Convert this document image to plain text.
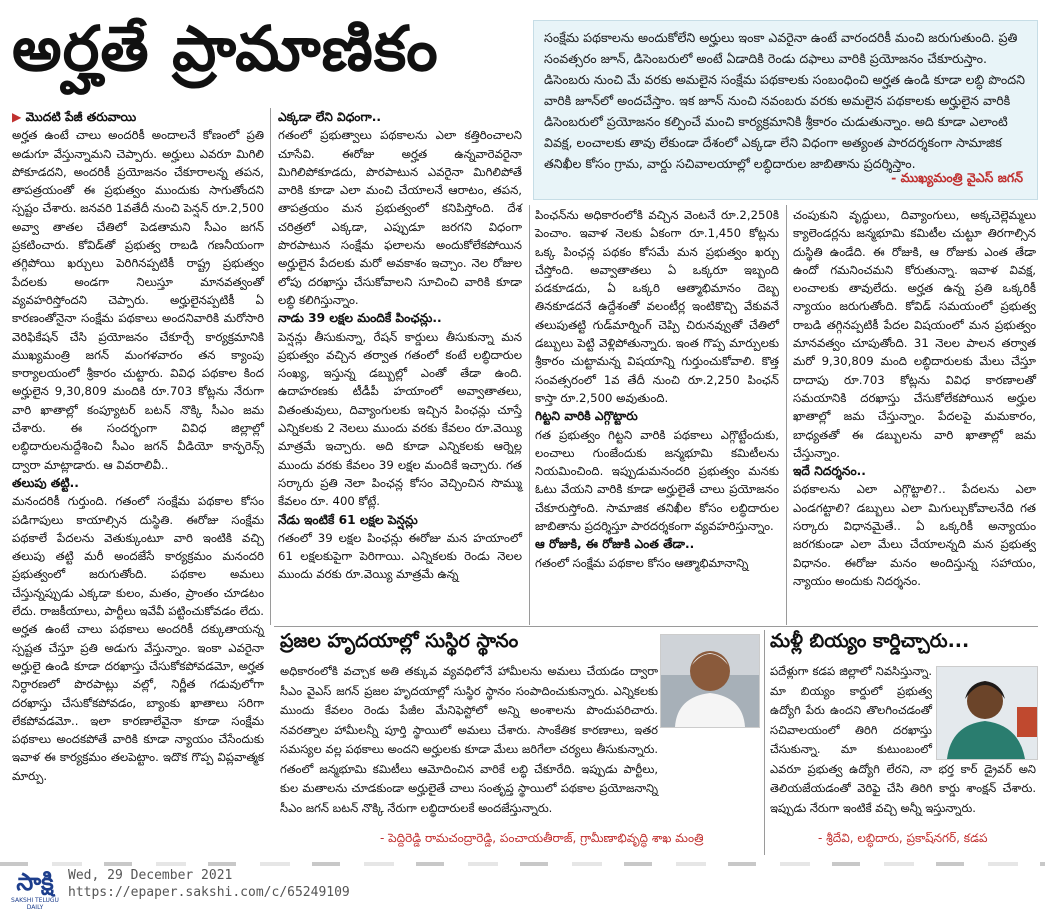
అర్హతే ప్రామాణికం	సంక్షేమ పథకాలను అందుకోలేని అర్హులు ఇంకా ఎవరైనా ఉంటే వారందరికీ మంచి జరుగుతుంది. ప్రతి సంవత్సరం జూన్, డిసెంబరులో అంటే ఏడాదికి రెండు దఫాలు వారికి ప్రయోజనం చేకూరుస్తాం. డిసెంబరు నుంచి మే వరకు అమలైన సంక్షేమ పథకాలకు సంబంధించి అర్హత ఉండి కూడా లబ్ధి పొందని వారికి జూన్‌లో అందచేస్తాం. ఇక జూన్ నుంచి నవంబరు వరకు అమలైన పథకాలకు అర్హులైన వారికి డిసెంబరులో ప్రయోజనం కల్పించే మంచి కార్యక్రమానికి శ్రీకారం చుడుతున్నాం. అది కూడా ఎలాంటి వివక్ష, లంచాలకు తావు లేకుండా దేశంలో ఎక్కడా లేని విధంగా అత్యంత పారదర్శకంగా సామాజిక తనిఖీల కోసం గ్రామ, వార్డు సచివాలయాల్లో లబ్ధిదారుల జాబితాను ప్రదర్శిస్తాం.
- ముఖ్యమంత్రి వైఎస్ జగన్
▶ మొదటి పేజీ తరువాయి
అర్హత ఉంటే చాలు అందరికీ అందాలనే కోణంలో ప్రతి అడుగూ వేస్తున్నామని చెప్పారు. అర్హులు ఎవరూ మిగిలి పోకూడదని, అందరికీ ప్రయోజనం చేకూరాలన్న తపన, తాపత్రయంతో ఈ ప్రభుత్వం ముందుకు సాగుతోందని స్పష్టం చేశారు. జనవరి 1వతేదీ నుంచి పెన్షన్ రూ.2,500 అవ్వా తాతల చేతిలో పెడతామని సీఎం జగన్ ప్రకటించారు. కోవిడ్‌తో ప్రభుత్వ రాబడి గణనీయంగా తగ్గిపోయి ఖర్చులు పెరిగినప్పటికీ రాష్ట్ర ప్రభుత్వం పేదలకు అండగా నిలుస్తూ మానవత్వంతో వ్యవహరిస్తోందని చెప్పారు. అర్హులైనప్పటికీ ఏ కారణంతోనైనా సంక్షేమ పథకాలు అందనివారికి మరోసారి వెరిఫికేషన్ చేసి ప్రయోజనం చేకూర్చే కార్యక్రమానికి ముఖ్యమంత్రి జగన్ మంగళవారం తన క్యాంపు కార్యాలయంలో శ్రీకారం చుట్టారు. వివిధ పథకాల కింద అర్హులైన 9,30,809 మందికి రూ.703 కోట్లను నేరుగా వారి ఖాతాల్లో కంప్యూటర్ బటన్ నొక్కి సీఎం జమ చేశారు. ఈ సందర్భంగా వివిధ జిల్లాల్లో లబ్ధిదారులనుద్దేశించి సీఎం జగన్ వీడియో కాన్ఫరెన్స్ ద్వారా మాట్లాడారు. ఆ వివరాలివీ..
తలుపు తట్టి..
మనందరికీ గుర్తుంది. గతంలో సంక్షేమ పథకాల కోసం పడిగాపులు కాయాల్సిన దుస్థితి. ఈరోజు సంక్షేమ పథకాలే పేదలను వెతుక్కుంటూ వారి ఇంటికి వచ్చి తలుపు తట్టి మరీ అందజేసే కార్యక్రమం మనందరి ప్రభుత్వంలో జరుగుతోంది. పథకాల అమలు చేస్తున్నప్పుడు ఎక్కడా కులం, మతం, ప్రాంతం చూడటం లేదు. రాజకీయాలు, పార్టీలు ఇవేవీ పట్టించుకోవడం లేదు. అర్హత ఉంటే చాలు పథకాలు అందరికీ దక్కుతాయన్న స్పష్టత చేస్తూ ప్రతి అడుగు వేస్తున్నాం. ఇంకా ఎవరైనా అర్హులై ఉండి కూడా దరఖాస్తు చేసుకోకపోవడమో, అర్హత నిర్ధారణలో పొరపాట్లు వల్లో, నిర్ణీత గడువులోగా దరఖాస్తు చేసుకోకపోవడం, బ్యాంకు ఖాతాలు సరిగా లేకపోవడమో.. ఇలా కారణాలేవైనా కూడా సంక్షేమ పథకాలు అందకపోతే వారికి కూడా న్యాయం చేసేందుకు ఇవాళ ఈ కార్యక్రమం తలపెట్టాం. ఇదొక గొప్ప విప్లవాత్మక మార్పు.
ఎక్కడా లేని విధంగా..
గతంలో ప్రభుత్వాలు పథకాలను ఎలా కత్తిరించాలని చూసేవి. ఈరోజు అర్హత ఉన్నవారెవరైనా మిగిలిపోకూడదు, పొరపాటున ఎవరైనా మిగిలిపోతే వారికి కూడా ఎలా మంచి చేయాలనే ఆరాటం, తపన, తాపత్రయం మన ప్రభుత్వంలో కనిపిస్తోంది. దేశ చరిత్రలో ఎక్కడా, ఎప్పుడూ జరగని విధంగా పొరపాటున సంక్షేమ ఫలాలను అందుకోలేకపోయిన అర్హులైన పేదలకు మరో అవకాశం ఇచ్చాం. నెల రోజుల లోపు దరఖాస్తు చేసుకోవాలని సూచించి వారికి కూడా లబ్ధి కలిగిస్తున్నాం.
నాడు 39 లక్షల మందికే పింఛన్లు..
పెన్షన్లు తీసుకున్నా, రేషన్ కార్డులు తీసుకున్నా మన ప్రభుత్వం వచ్చిన తర్వాత గతంలో కంటే లబ్ధిదారుల సంఖ్య, ఇస్తున్న డబ్బుల్లో ఎంతో తేడా ఉంది. ఉదాహరణకు టీడీపీ హయాంలో అవ్వాతాతలు, వితంతువులు, దివ్యాంగులకు ఇచ్చిన పింఛన్లు చూస్తే ఎన్నికలకు 2 నెలలు ముందు వరకు కేవలం రూ.వెయ్యి మాత్రమే ఇచ్చారు. అది కూడా ఎన్నికలకు ఆర్నెల్ల ముందు వరకు కేవలం 39 లక్షల మందికే ఇచ్చారు. గత సర్కారు ప్రతి నెలా పింఛన్ల కోసం వెచ్చించిన సొమ్ము కేవలం రూ. 400 కోట్లే.
నేడు ఇంటికే 61 లక్షల పెన్షన్లు
గతంలో 39 లక్షల పింఛన్లు ఈరోజు మన హయాంలో 61 లక్షలకుపైగా పెరిగాయి. ఎన్నికలకు రెండు నెలల ముందు వరకు రూ.వెయ్యి మాత్రమే ఉన్న
పింఛన్‌ను అధికారంలోకి వచ్చిన వెంటనే రూ.2,250కి పెంచాం. ఇవాళ నెలకు ఏకంగా రూ.1,450 కోట్లను ఒక్క పింఛన్ల పథకం కోసమే మన ప్రభుత్వం ఖర్చు చేస్తోంది. అవ్వాతాతలు ఏ ఒక్కరూ ఇబ్బంది పడకూడదు, ఏ ఒక్కరి ఆత్మాభిమానం దెబ్బ తినకూడదనే ఉద్దేశంతో వలంటీర్ల ఇంటికొచ్చి వేకువనే తలుపుతట్టి గుడ్‌మార్నింగ్ చెప్పి చిరునవ్వుతో చేతిలో డబ్బులు పెట్టి వెళ్లిపోతున్నారు. ఇంత గొప్ప మార్పులకు శ్రీకారం చుట్టామన్న విషయాన్ని గుర్తుంచుకోవాలి. కొత్త సంవత్సరంలో 1వ తేదీ నుంచి రూ.2,250 పింఛన్ కాస్తా రూ.2,500 అవుతుంది.
గిట్టని వారికి ఎగ్గొట్టారు
గత ప్రభుత్వం గిట్టని వారికి పథకాలు ఎగ్గొట్టేందుకు, లంచాలు గుంజేందుకు జన్మభూమి కమిటీలను నియమించింది. ఇప్పుడుమనందరి ప్రభుత్వం మనకు ఓటు వేయని వారికి కూడా అర్హులైతే చాలు ప్రయోజనం చేకూరుస్తోంది. సామాజిక తనిఖీల కోసం లబ్ధిదారుల జాబితాను ప్రదర్శిస్తూ పారదర్శకంగా వ్యవహరిస్తున్నాం.
ఆ రోజుకి, ఈ రోజుకి ఎంత తేడా..
గతంలో సంక్షేమ పథకాల కోసం ఆత్మాభిమానాన్ని
చంపుకుని వృద్ధులు, దివ్యాంగులు, అక్కచెల్లెమ్మలు క్యాలెండర్లను జన్మభూమి కమిటీల చుట్టూ తిరగాల్సిన దుస్థితి ఉండేది. ఈ రోజుకి, ఆ రోజుకు ఎంత తేడా ఉందో గమనించమని కోరుతున్నా. ఇవాళ వివక్ష, లంచాలకు తావులేదు. అర్హత ఉన్న ప్రతి ఒక్కరికీ న్యాయం జరుగుతోంది. కోవిడ్ సమయంలో ప్రభుత్వ రాబడి తగ్గినప్పటికీ పేదల విషయంలో మన ప్రభుత్వం మానవత్వం చూపుతోంది. 31 నెలల పాలన తర్వాత మరో 9,30,809 మంది లబ్ధిదారులకు మేలు చేస్తూ దాదాపు రూ.703 కోట్లను వివిధ కారణాలతో సమయానికి దరఖాస్తు చేసుకోలేకపోయిన అర్హుల ఖాతాల్లో జమ చేస్తున్నాం. పేదలపై మమకారం, బాధ్యతతో ఈ డబ్బులను వారి ఖాతాల్లో జమ చేస్తున్నాం.
ఇదే నిదర్శనం..
పథకాలను ఎలా ఎగ్గొట్టాలి?.. పేదలను ఎలా ఎండగట్టాలి? డబ్బులు ఎలా మిగుల్చుకోవాలనేది గత సర్కారు విధానమైతే.. ఏ ఒక్కరికీ అన్యాయం జరగకుండా ఎలా మేలు చేయాలన్నది మన ప్రభుత్వ విధానం. ఈరోజు మనం అందిస్తున్న సహాయం, న్యాయం అందుకు నిదర్శనం.
ప్రజల హృదయాల్లో సుస్థిర స్థానం
అధికారంలోకి వచ్చాక అతి తక్కువ వ్యవధిలోనే హామీలను అమలు చేయడం ద్వారా సీఎం వైఎస్ జగన్ ప్రజల హృదయాల్లో సుస్థిర స్థానం సంపాదించుకున్నారు. ఎన్నికలకు ముందు కేవలం రెండు పేజీల మేనిఫెస్టోలో అన్ని అంశాలను పొందుపరిచారు. నవరత్నాల హామీలన్నీ పూర్తి స్థాయిలో అమలు చేశారు. సాంకేతిక కారణాలు, ఇతర సమస్యల వల్ల పథకాలు అందని అర్హులకు కూడా మేలు జరిగేలా చర్యలు తీసుకున్నారు. గతంలో జన్మభూమి కమిటీలు ఆమోదించిన వారికే లబ్ధి చేకూరేది. ఇప్పుడు పార్టీలు, కుల మతాలను చూడకుండా అర్హులైతే చాలు సంతృప్త స్థాయిలో పథకాల ప్రయోజనాన్ని సీఎం జగన్ బటన్ నొక్కి నేరుగా లబ్ధిదారులకే అందజేస్తున్నారు.
- పెద్దిరెడ్డి రామచంద్రారెడ్డి, పంచాయతీరాజ్, గ్రామీణాభివృద్ధి శాఖ మంత్రి
మళ్లీ బియ్యం కార్డిచ్చారు...
పదేళ్లుగా కడప జిల్లాలో నివసిస్తున్నా. మా బియ్యం కార్డులో ప్రభుత్వ ఉద్యోగి పేరు ఉందని తొలగించడంతో సచివాలయంలో తిరిగి దరఖాస్తు చేసుకున్నా. మా కుటుంబంలో ఎవరూ ప్రభుత్వ ఉద్యోగి లేరని, నా భర్త కార్ డ్రైవర్ అని తెలియజేయడంతో వెరిఫై చేసి తిరిగి కార్డు శాంక్షన్ చేశారు. ఇప్పుడు నేరుగా ఇంటికే వచ్చి అన్నీ ఇస్తున్నారు.
- శ్రీదేవి, లబ్ధిదారు, ప్రకాష్‌నగర్, కడప
సాక్షి
SAKSHI TELUGU DAILY
Wed, 29 December 2021
https://epaper.sakshi.com/c/65249109
